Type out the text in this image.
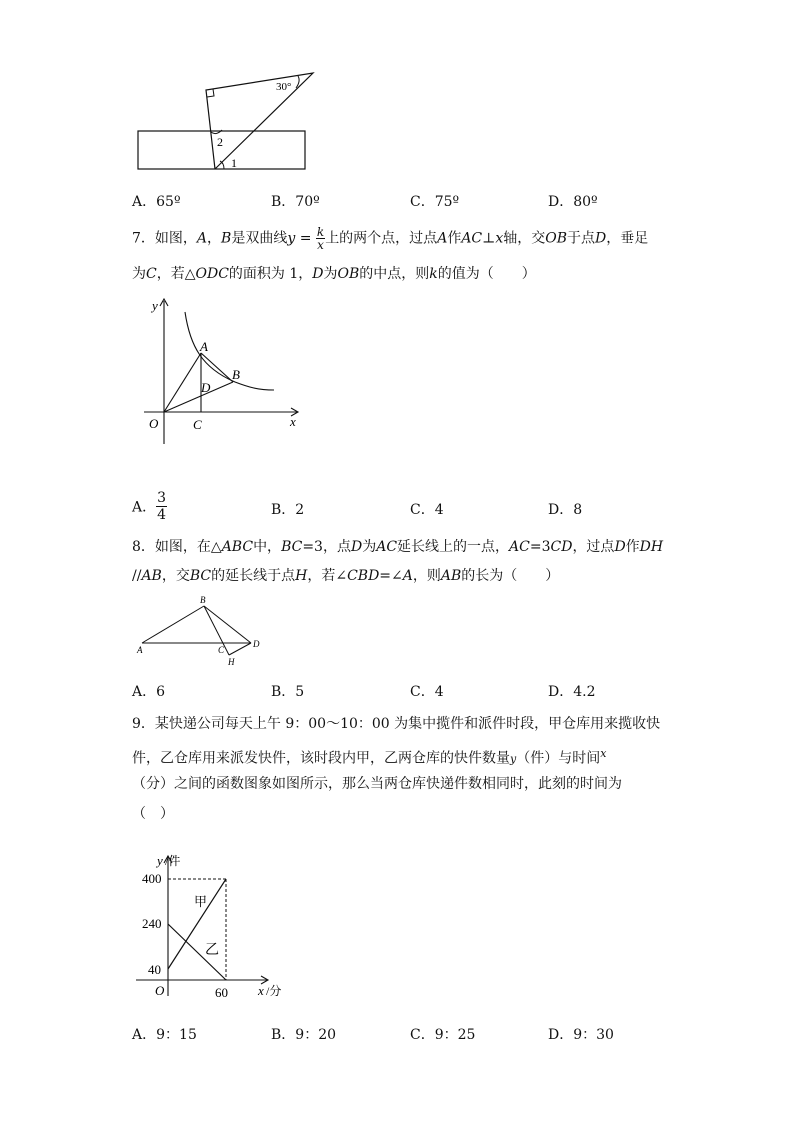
30°
2
1
A．65º	B．70º	C．75º	D．80º
7．如图，A，B是双曲线$y = \frac{k}{x}$ 上的两个点，过点A作AC⊥x轴，交OB于点D，垂足
为C，若△ODC的面积为 1，D为OB的中点，则k的值为（　　）
y
x
O	C
A
D
B
A． $\frac{3}{4}$	B．2	C．4	D．8
8．如图，在△ABC中，BC=3，点D为AC延长线上的一点，AC=3CD，过点D作DH
//AB，交BC的延长线于点H，若∠CBD=∠A，则AB的长为（　　）
B
A	C
D
H
A．6	B．5	C．4	D．4.2
9．某快递公司每天上午 9：00～10：00 为集中揽件和派件时段，甲仓库用来揽收快
件，乙仓库用来派发快件，该时段内甲，乙两仓库的快件数量y（件）与时间$^x$
（分）之间的函数图象如图所示，那么当两仓库快递件数相同时，此刻的时间为
（　）
y /件
x /分
O
400
240
40
60
甲
乙
A．9：15	B．9：20	C．9：25	D．9：30
